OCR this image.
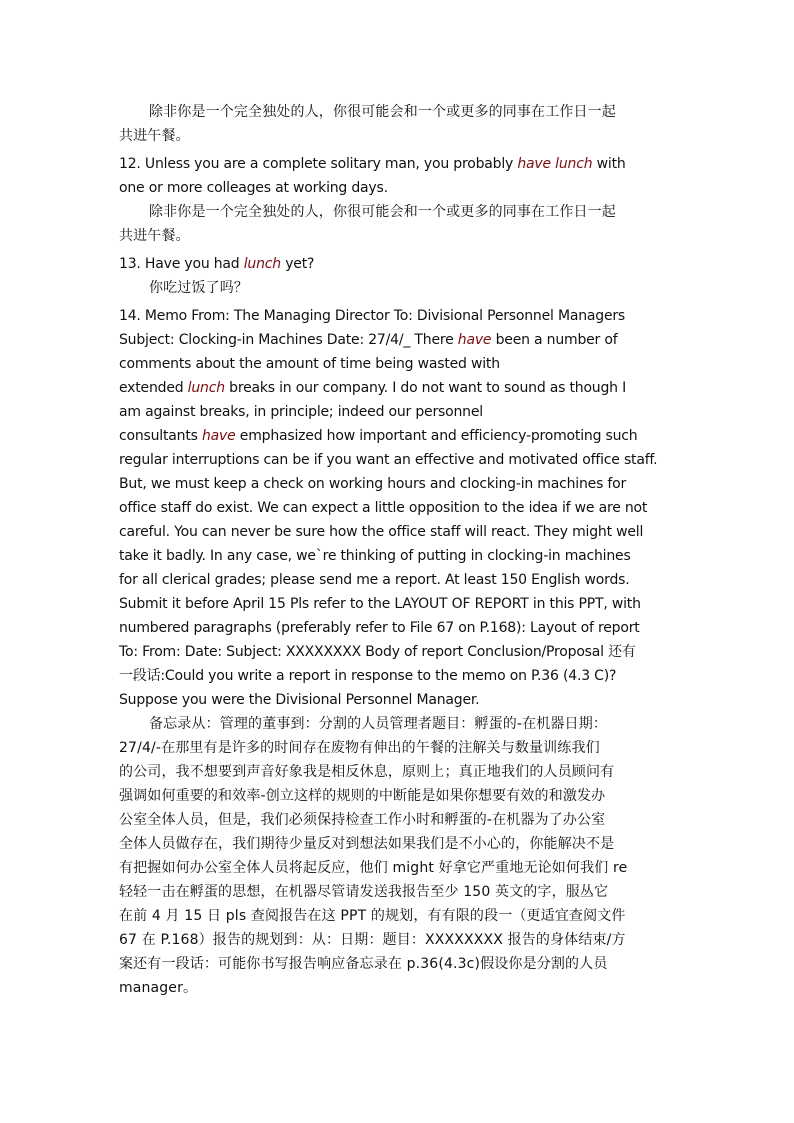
除非你是一个完全独处的人，你很可能会和一个或更多的同事在工作日一起
共进午餐。
12. Unless you are a complete solitary man, you probably have lunch with
one or more colleages at working days.
除非你是一个完全独处的人，你很可能会和一个或更多的同事在工作日一起
共进午餐。
13. Have you had lunch yet?
你吃过饭了吗？
14. Memo From: The Managing Director To: Divisional Personnel Managers
Subject: Clocking-in Machines Date: 27/4/_ There have been a number of
comments about the amount of time being wasted with
extended lunch breaks in our company. I do not want to sound as though I
am against breaks, in principle; indeed our personnel
consultants have emphasized how important and efficiency-promoting such
regular interruptions can be if you want an effective and motivated office staff.
But, we must keep a check on working hours and clocking-in machines for
office staff do exist. We can expect a little opposition to the idea if we are not
careful. You can never be sure how the office staff will react. They might well
take it badly. In any case, we`re thinking of putting in clocking-in machines
for all clerical grades; please send me a report. At least 150 English words.
Submit it before April 15 Pls refer to the LAYOUT OF REPORT in this PPT, with
numbered paragraphs (preferably refer to File 67 on P.168): Layout of report
To: From: Date: Subject: XXXXXXXX Body of report Conclusion/Proposal 还有
一段话:Could you write a report in response to the memo on P.36 (4.3 C)?
Suppose you were the Divisional Personnel Manager.
备忘录从：管理的董事到：分割的人员管理者题目：孵蛋的-在机器日期：
27/4/-在那里有是许多的时间存在废物有伸出的午餐的注解关与数量训练我们
的公司，我不想要到声音好象我是相反休息，原则上；真正地我们的人员顾问有
强调如何重要的和效率-创立这样的规则的中断能是如果你想要有效的和激发办
公室全体人员，但是，我们必须保持检查工作小时和孵蛋的-在机器为了办公室
全体人员做存在，我们期待少量反对到想法如果我们是不小心的，你能解决不是
有把握如何办公室全体人员将起反应，他们 might 好拿它严重地无论如何我们 re
轻轻一击在孵蛋的思想，在机器尽管请发送我报告至少 150 英文的字，服丛它
在前 4 月 15 日 pls 查阅报告在这 PPT 的规划，有有限的段一（更适宜查阅文件
67 在 P.168）报告的规划到：从：日期：题目：XXXXXXXX 报告的身体结束/方
案还有一段话：可能你书写报告响应备忘录在 p.36(4.3c)假设你是分割的人员
manager。
